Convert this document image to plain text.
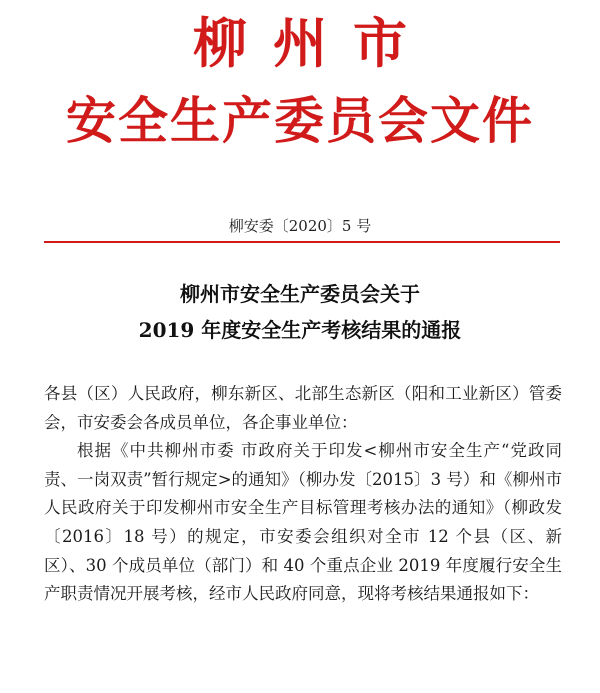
柳州市
安全生产委员会文件
柳安委〔2020〕5 号
柳州市安全生产委员会关于
2019 年度安全生产考核结果的通报

各县（区）人民政府，柳东新区、北部生态新区（阳和工业新区）管委会，市安委会各成员单位，各企事业单位：

根据《中共柳州市委 市政府关于印发<柳州市安全生产“党政同责、一岗双责”暂行规定>的通知》（柳办发〔2015〕3 号）和《柳州市人民政府关于印发柳州市安全生产目标管理考核办法的通知》（柳政发〔2016〕18 号）的规定，市安委会组织对全市 12 个县（区、新区）、30 个成员单位（部门）和 40 个重点企业 2019 年度履行安全生产职责情况开展考核，经市人民政府同意，现将考核结果通报如下：
